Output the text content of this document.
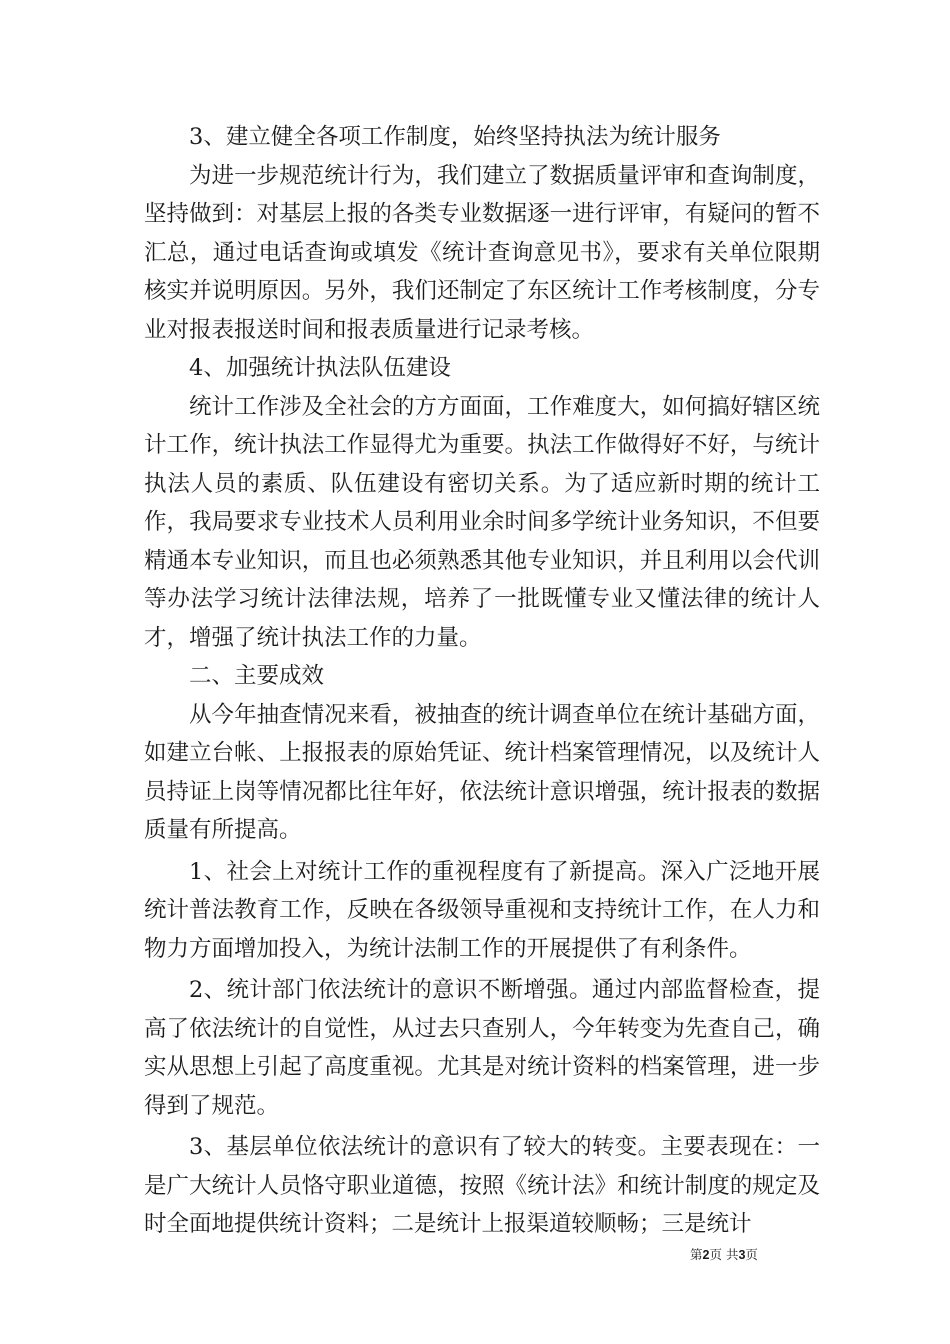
3、建立健全各项工作制度，始终坚持执法为统计服务

为进一步规范统计行为，我们建立了数据质量评审和查询制度，坚持做到：对基层上报的各类专业数据逐一进行评审，有疑问的暂不汇总，通过电话查询或填发《统计查询意见书》，要求有关单位限期核实并说明原因。另外，我们还制定了东区统计工作考核制度，分专业对报表报送时间和报表质量进行记录考核。

4、加强统计执法队伍建设

统计工作涉及全社会的方方面面，工作难度大，如何搞好辖区统计工作，统计执法工作显得尤为重要。执法工作做得好不好，与统计执法人员的素质、队伍建设有密切关系。为了适应新时期的统计工作，我局要求专业技术人员利用业余时间多学统计业务知识，不但要精通本专业知识，而且也必须熟悉其他专业知识，并且利用以会代训等办法学习统计法律法规，培养了一批既懂专业又懂法律的统计人才，增强了统计执法工作的力量。

二、主要成效

从今年抽查情况来看，被抽查的统计调查单位在统计基础方面，如建立台帐、上报报表的原始凭证、统计档案管理情况，以及统计人员持证上岗等情况都比往年好，依法统计意识增强，统计报表的数据质量有所提高。

1、社会上对统计工作的重视程度有了新提高。深入广泛地开展统计普法教育工作，反映在各级领导重视和支持统计工作，在人力和物力方面增加投入，为统计法制工作的开展提供了有利条件。

2、统计部门依法统计的意识不断增强。通过内部监督检查，提高了依法统计的自觉性，从过去只查别人，今年转变为先查自己，确实从思想上引起了高度重视。尤其是对统计资料的档案管理，进一步得到了规范。

3、基层单位依法统计的意识有了较大的转变。主要表现在：一是广大统计人员恪守职业道德，按照《统计法》和统计制度的规定及时全面地提供统计资料；二是统计上报渠道较顺畅；三是统计

第2页 共3页
